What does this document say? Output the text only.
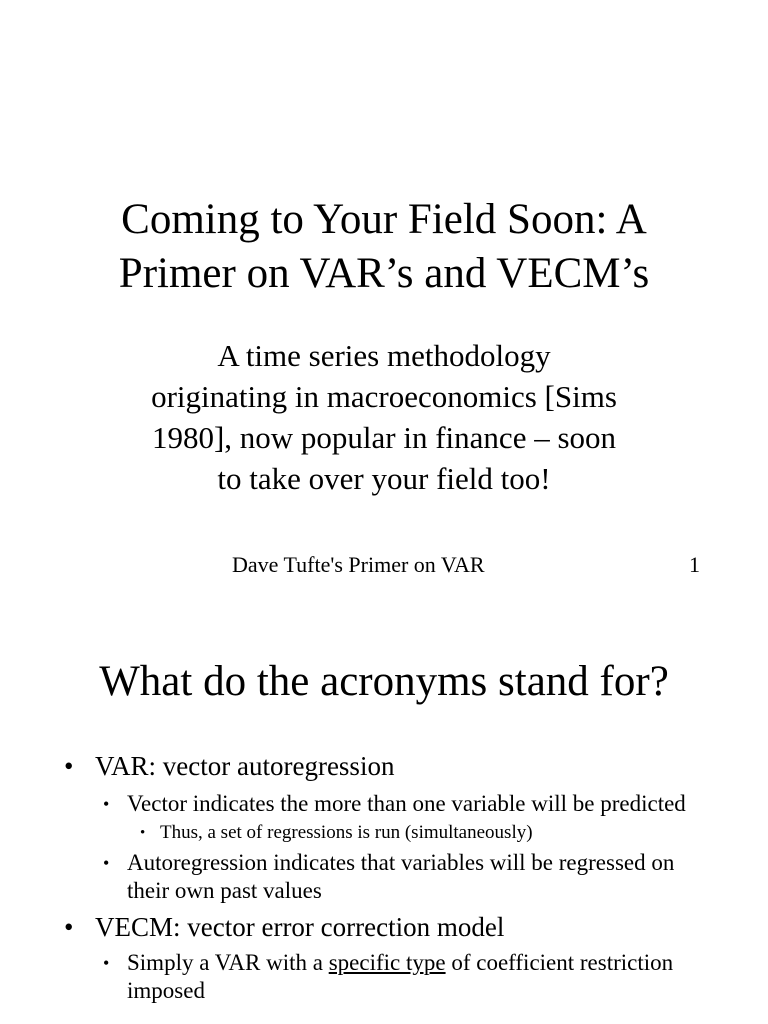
Coming to Your Field Soon: A
Primer on VAR’s and VECM’s
A time series methodology
originating in macroeconomics [Sims
1980], now popular in finance – soon
to take over your field too!
Dave Tufte's Primer on VAR	1
What do the acronyms stand for?

• VAR: vector autoregression

• Vector indicates the more than one variable will be predicted

• Thus, a set of regressions is run (simultaneously)

• Autoregression indicates that variables will be regressed on their own past values

• VECM: vector error correction model

• Simply a VAR with a specific type of coefficient restriction imposed
